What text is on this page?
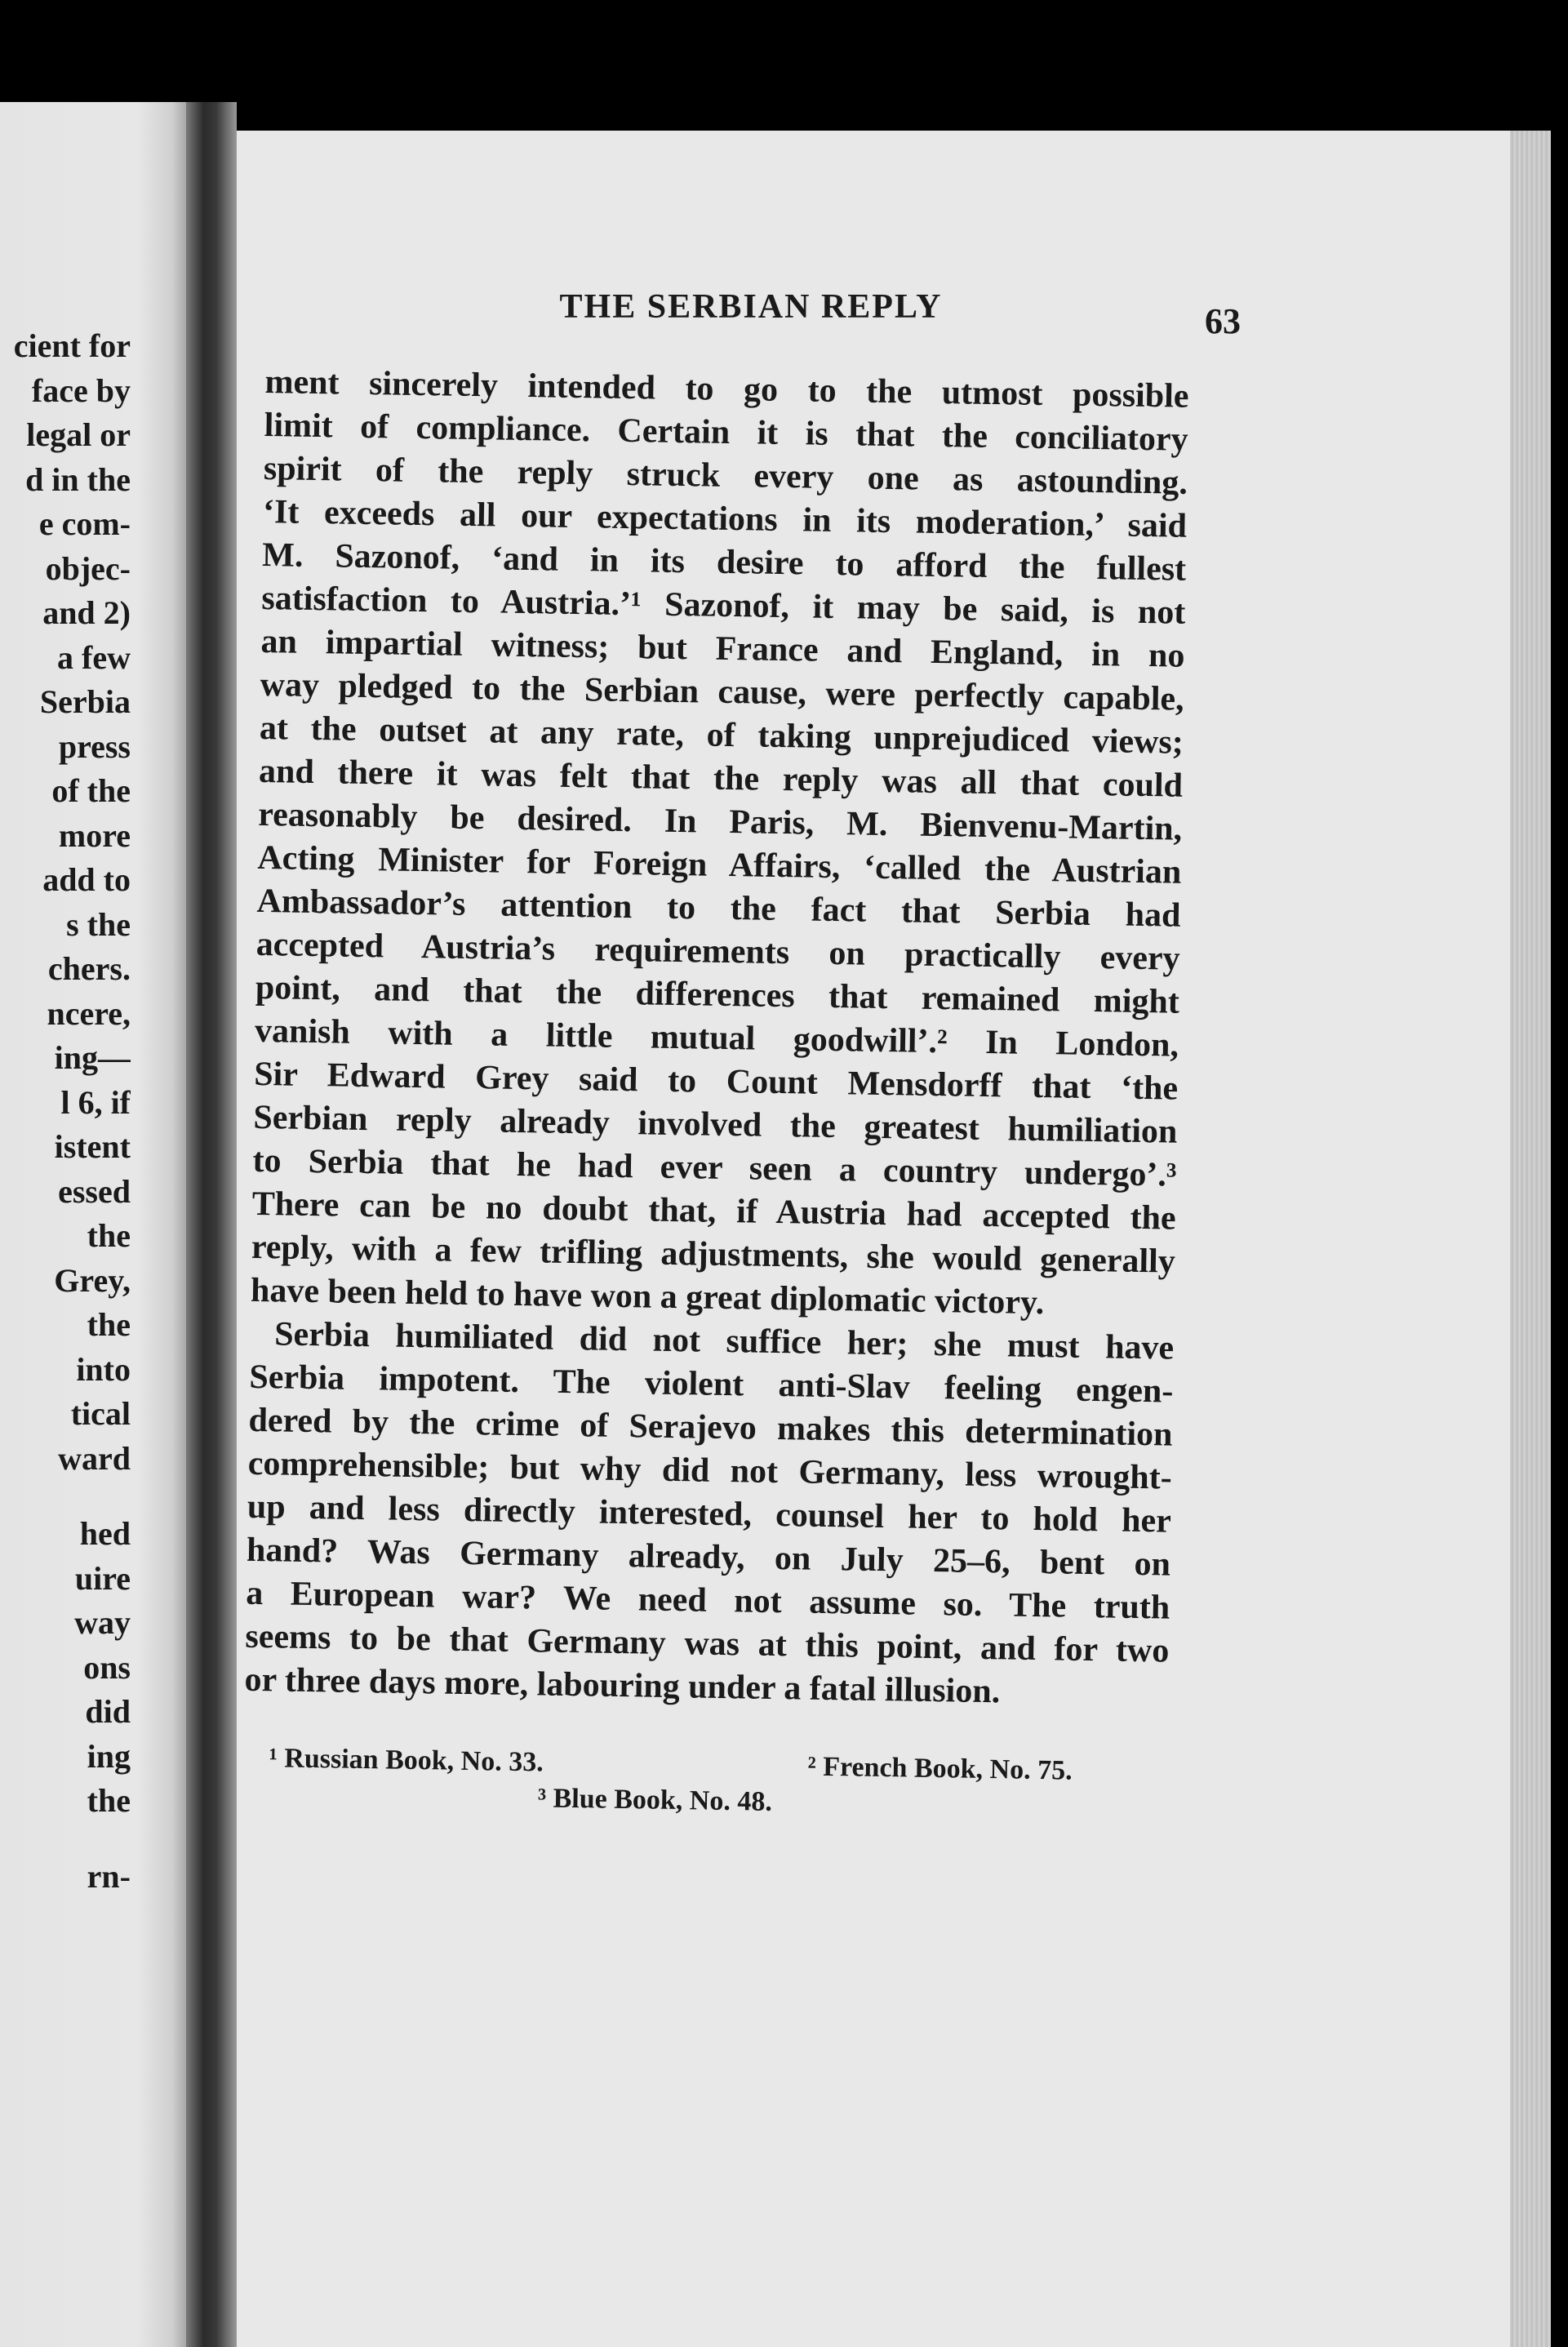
cient for
face by
legal or
d in the
e com-
objec-
and 2)
a few
Serbia
press
of the
more
add to
s the
chers.
ncere,
ing—
l 6, if
istent
essed
the
Grey,
the
into
tical
ward
hed
uire
way
ons
did
ing
the
rn-
THE SERBIAN REPLY	63
ment sincerely intended to go to the utmost possible
limit of compliance. Certain it is that the conciliatory
spirit of the reply struck every one as astounding.
‘It exceeds all our expectations in its moderation,’ said
M. Sazonof, ‘and in its desire to afford the fullest
satisfaction to Austria.’¹ Sazonof, it may be said, is not
an impartial witness; but France and England, in no
way pledged to the Serbian cause, were perfectly capable,
at the outset at any rate, of taking unprejudiced views;
and there it was felt that the reply was all that could
reasonably be desired. In Paris, M. Bienvenu-Martin,
Acting Minister for Foreign Affairs, ‘called the Austrian
Ambassador’s attention to the fact that Serbia had
accepted Austria’s requirements on practically every
point, and that the differences that remained might
vanish with a little mutual goodwill’.² In London,
Sir Edward Grey said to Count Mensdorff that ‘the
Serbian reply already involved the greatest humiliation
to Serbia that he had ever seen a country undergo’.³
There can be no doubt that, if Austria had accepted the
reply, with a few trifling adjustments, she would generally
have been held to have won a great diplomatic victory.
Serbia humiliated did not suffice her; she must have
Serbia impotent. The violent anti-Slav feeling engen-
dered by the crime of Serajevo makes this determination
comprehensible; but why did not Germany, less wrought-
up and less directly interested, counsel her to hold her
hand? Was Germany already, on July 25–6, bent on
a European war? We need not assume so. The truth
seems to be that Germany was at this point, and for two
or three days more, labouring under a fatal illusion.
¹ Russian Book, No. 33.	² French Book, No. 75.
³ Blue Book, No. 48.
